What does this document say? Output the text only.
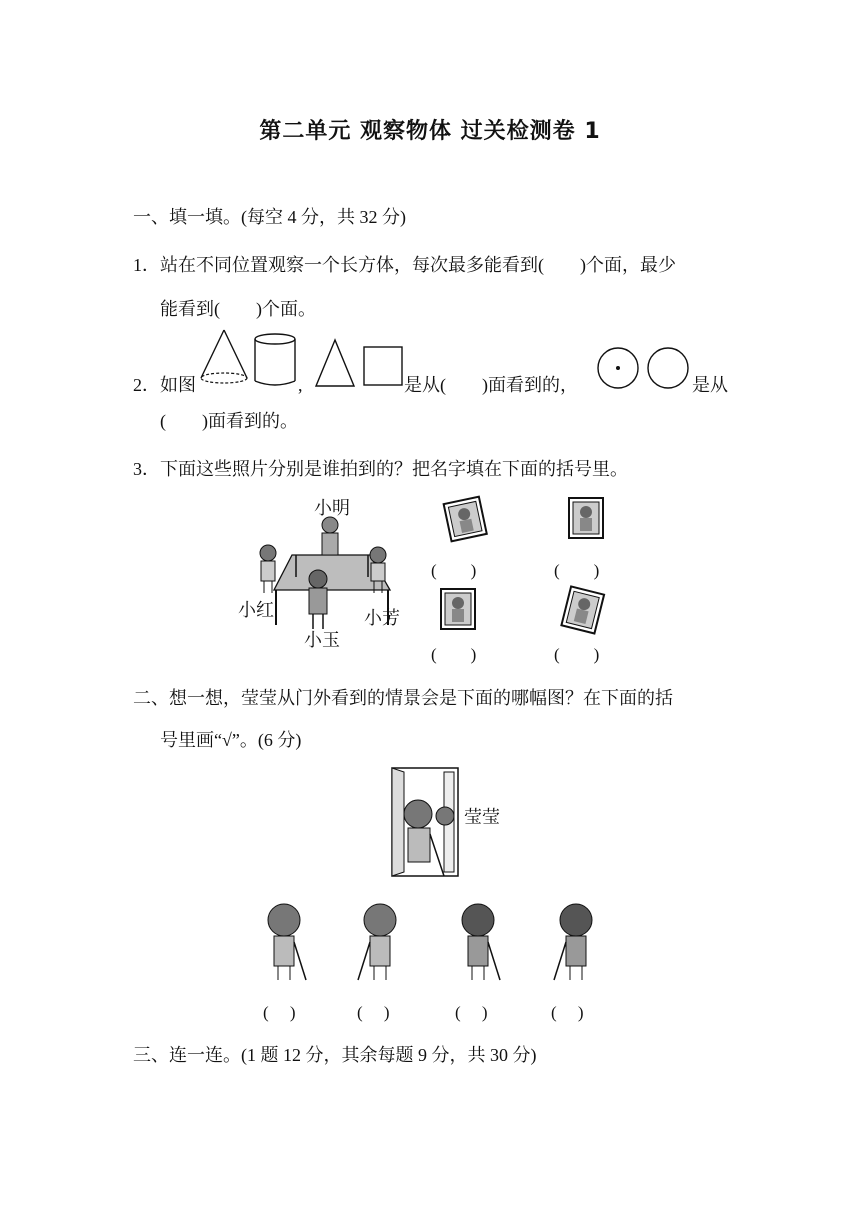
第二单元 观察物体 过关检测卷 1
一、填一填。(每空 4 分，共 32 分)
1．站在不同位置观察一个长方体，每次最多能看到(　　)个面，最少
能看到(　　)个面。
2．如图	,	是从(　　)面看到的，	是从
(　　)面看到的。
3．下面这些照片分别是谁拍到的？把名字填在下面的括号里。
小明
小红	小芳
小玉
(　　)	(　　)
(　　)	(　　)
二、想一想，莹莹从门外看到的情景会是下面的哪幅图？在下面的括
号里画“√”。(6 分)
莹莹
(　 )	(　 )	(　 )	(　 )
三、连一连。(1 题 12 分，其余每题 9 分，共 30 分)
